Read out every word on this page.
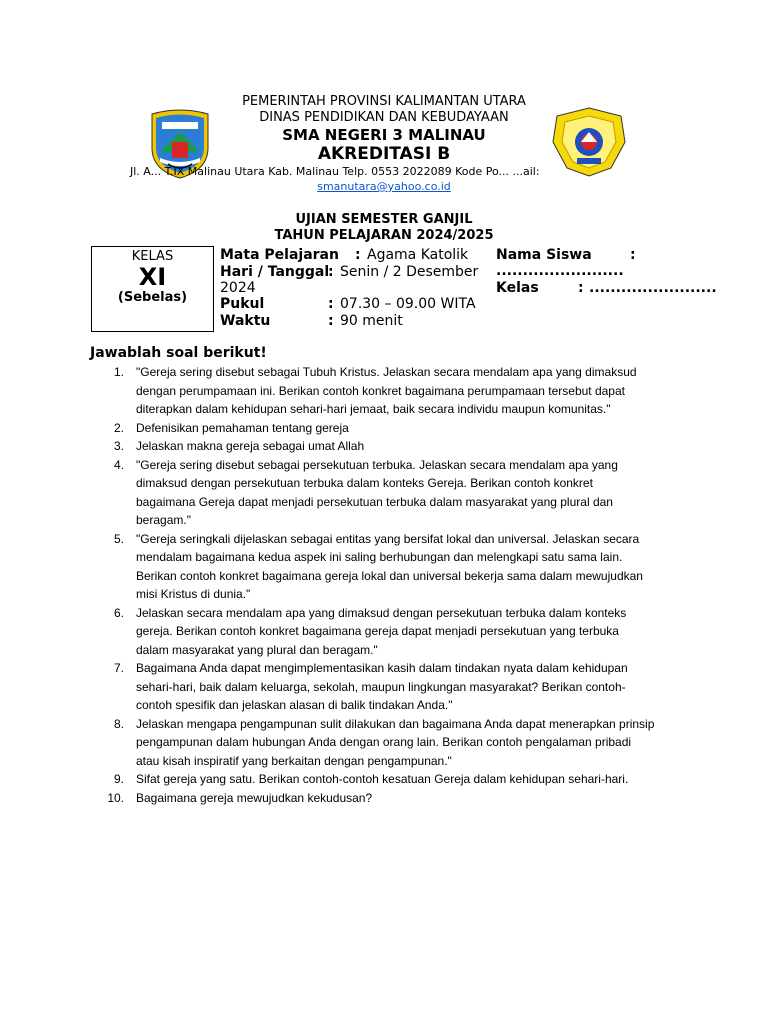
PEMERINTAH PROVINSI KALIMANTAN UTARA
DINAS PENDIDIKAN DAN KEBUDAYAAN
SMA NEGERI 3 MALINAU
AKREDITASI B
Jl. A... T.IX Malinau Utara Kab. Malinau Telp. 0553 2022089 Kode Po... ...ail:
smanutara@yahoo.co.id
UJIAN SEMESTER GANJIL
TAHUN PELAJARAN 2024/2025
KELAS
XI
(Sebelas)
Mata Pelajaran : Agama Katolik
Hari / Tanggal
: Senin / 2 Desember
2024
Pukul	: 07.30 – 09.00 WITA
Waktu	: 90 menit
Nama Siswa	:
........................
Kelas	: ........................
Jawablah soal berikut!
1. "Gereja sering disebut sebagai Tubuh Kristus. Jelaskan secara mendalam apa yang dimaksud
dengan perumpamaan ini. Berikan contoh konkret bagaimana perumpamaan tersebut dapat
diterapkan dalam kehidupan sehari-hari jemaat, baik secara individu maupun komunitas."
2. Defenisikan pemahaman tentang gereja
3. Jelaskan makna gereja sebagai umat Allah
4. "Gereja sering disebut sebagai persekutuan terbuka. Jelaskan secara mendalam apa yang
dimaksud dengan persekutuan terbuka dalam konteks Gereja. Berikan contoh konkret
bagaimana Gereja dapat menjadi persekutuan terbuka dalam masyarakat yang plural dan
beragam."
5. "Gereja seringkali dijelaskan sebagai entitas yang bersifat lokal dan universal. Jelaskan secara
mendalam bagaimana kedua aspek ini saling berhubungan dan melengkapi satu sama lain.
Berikan contoh konkret bagaimana gereja lokal dan universal bekerja sama dalam mewujudkan
misi Kristus di dunia."
6. Jelaskan secara mendalam apa yang dimaksud dengan persekutuan terbuka dalam konteks
gereja. Berikan contoh konkret bagaimana gereja dapat menjadi persekutuan yang terbuka
dalam masyarakat yang plural dan beragam."
7. Bagaimana Anda dapat mengimplementasikan kasih dalam tindakan nyata dalam kehidupan
sehari-hari, baik dalam keluarga, sekolah, maupun lingkungan masyarakat? Berikan contoh-
contoh spesifik dan jelaskan alasan di balik tindakan Anda."
8. Jelaskan mengapa pengampunan sulit dilakukan dan bagaimana Anda dapat menerapkan prinsip
pengampunan dalam hubungan Anda dengan orang lain. Berikan contoh pengalaman pribadi
atau kisah inspiratif yang berkaitan dengan pengampunan."
9. Sifat gereja yang satu. Berikan contoh-contoh kesatuan Gereja dalam kehidupan sehari-hari.
10. Bagaimana gereja mewujudkan kekudusan?
